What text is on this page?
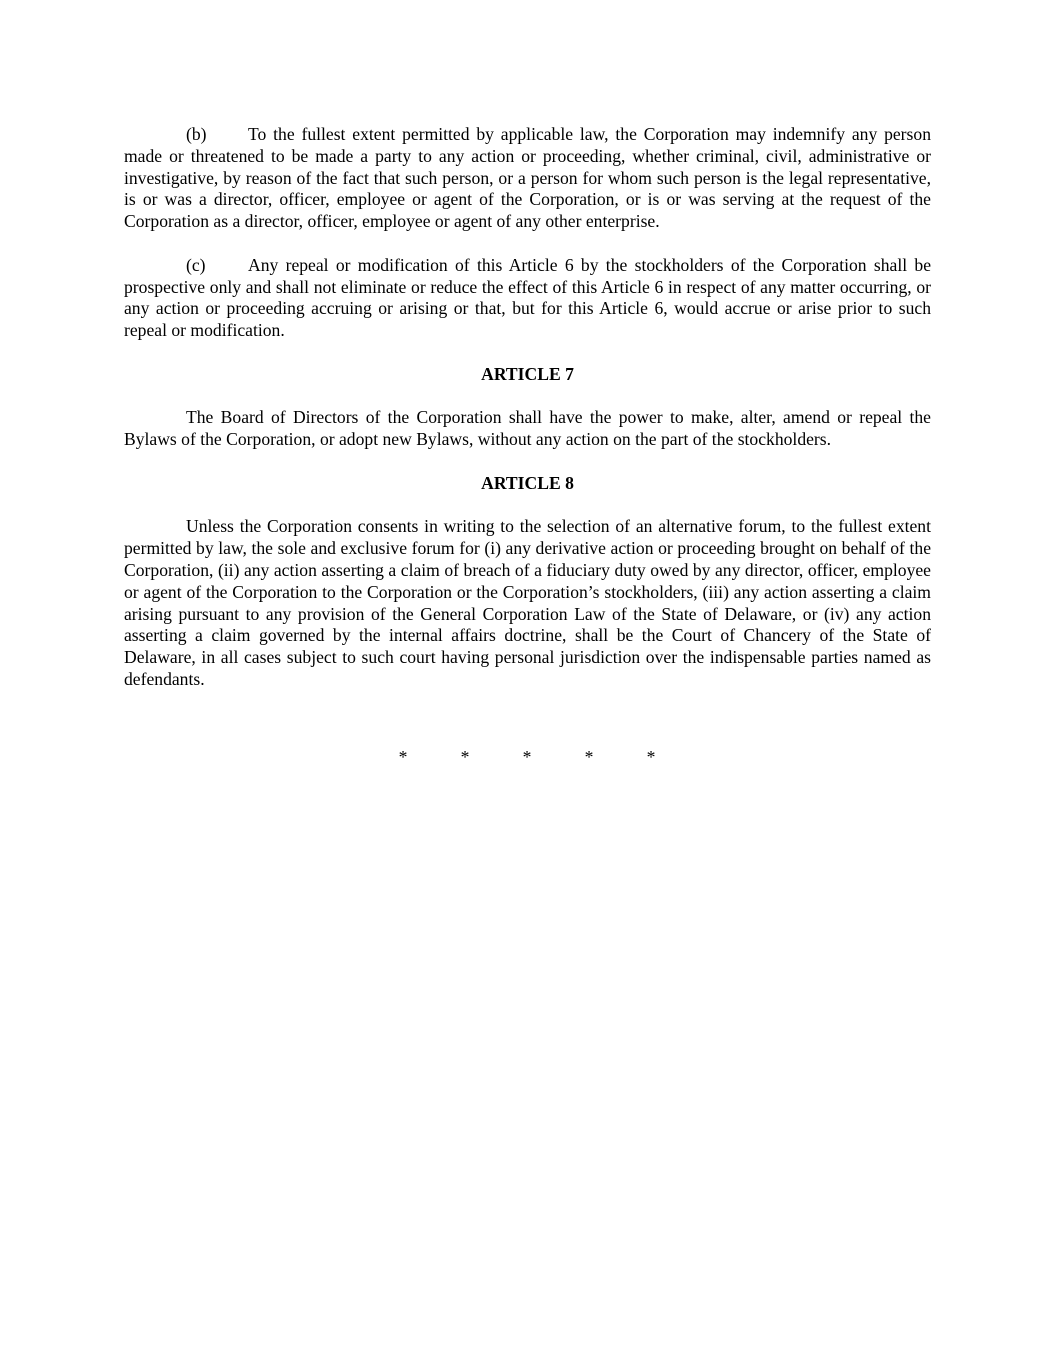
(b) To the fullest extent permitted by applicable law, the Corporation may indemnify any person made or threatened to be made a party to any action or proceeding, whether criminal, civil, administrative or investigative, by reason of the fact that such person, or a person for whom such person is the legal representative, is or was a director, officer, employee or agent of the Corporation, or is or was serving at the request of the Corporation as a director, officer, employee or agent of any other enterprise.

(c) Any repeal or modification of this Article 6 by the stockholders of the Corporation shall be prospective only and shall not eliminate or reduce the effect of this Article 6 in respect of any matter occurring, or any action or proceeding accruing or arising or that, but for this Article 6, would accrue or arise prior to such repeal or modification.

ARTICLE 7

The Board of Directors of the Corporation shall have the power to make, alter, amend or repeal the Bylaws of the Corporation, or adopt new Bylaws, without any action on the part of the stockholders.

ARTICLE 8

Unless the Corporation consents in writing to the selection of an alternative forum, to the fullest extent permitted by law, the sole and exclusive forum for (i) any derivative action or proceeding brought on behalf of the Corporation, (ii) any action asserting a claim of breach of a fiduciary duty owed by any director, officer, employee or agent of the Corporation to the Corporation or the Corporation’s stockholders, (iii) any action asserting a claim arising pursuant to any provision of the General Corporation Law of the State of Delaware, or (iv) any action asserting a claim governed by the internal affairs doctrine, shall be the Court of Chancery of the State of Delaware, in all cases subject to such court having personal jurisdiction over the indispensable parties named as defendants.

*	*	*	*	*
